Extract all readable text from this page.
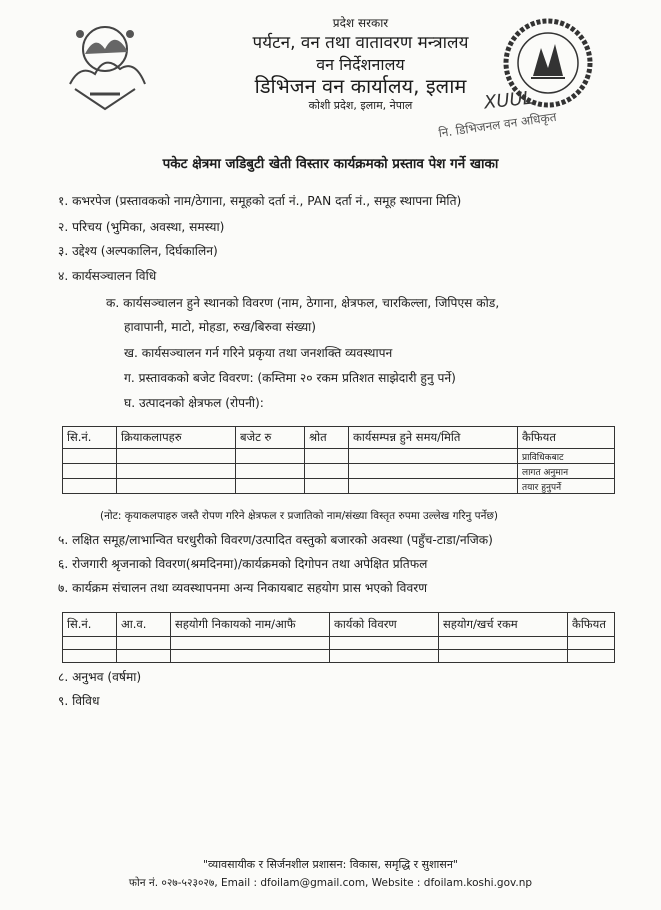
प्रदेश सरकार
पर्यटन, वन तथा वातावरण मन्त्रालय
वन निर्देशनालय
डिभिजन वन कार्यालय, इलाम
कोशी प्रदेश, इलाम, नेपाल	XUUL
नि. डिभिजनल वन अधिकृत
पकेट क्षेत्रमा जडिबुटी खेती विस्तार कार्यक्रमको प्रस्ताव पेश गर्ने खाका
१. कभरपेज (प्रस्तावकको नाम/ठेगाना, समूहको दर्ता नं., PAN दर्ता नं., समूह स्थापना मिति)
२. परिचय (भुमिका, अवस्था, समस्या)
३. उद्देश्य (अल्पकालिन, दिर्घकालिन)
४. कार्यसञ्चालन विधि
क. कार्यसञ्चालन हुने स्थानको विवरण (नाम, ठेगाना, क्षेत्रफल, चारकिल्ला, जिपिएस कोड,
हावापानी, माटो, मोहडा, रुख/बिरुवा संख्या)
ख. कार्यसञ्चालन गर्न गरिने प्रकृया तथा जनशक्ति व्यवस्थापन
ग. प्रस्तावकको बजेट विवरण: (कम्तिमा २० रकम प्रतिशत साझेदारी हुनु पर्ने)
घ. उत्पादनको क्षेत्रफल (रोपनी):
सि.नं.	क्रियाकलापहरु	बजेट रु	श्रोत	कार्यसम्पन्न हुने समय/मिति	कैफियत
					प्राविधिकबाट
					लागत अनुमान
					तयार हुनुपर्ने
(नोट: कृयाकलपाहरु जस्तै रोपण गरिने क्षेत्रफल र प्रजातिको नाम/संख्या विस्तृत रुपमा उल्लेख गरिनु पर्नेछ)
५. लक्षित समूह/लाभान्वित घरधुरीको विवरण/उत्पादित वस्तुको बजारको अवस्था (पहुँच-टाडा/नजिक)
६. रोजगारी श्रृजनाको विवरण(श्रमदिनमा)/कार्यक्रमको दिगोपन तथा अपेक्षित प्रतिफल
७. कार्यक्रम संचालन तथा व्यवस्थापनमा अन्य निकायबाट सहयोग प्रास भएको विवरण
सि.नं.	आ.व.	सहयोगी निकायको नाम/आफै	कार्यको विवरण	सहयोग/खर्च रकम	कैफियत

८. अनुभव (वर्षमा)
९. विविध
"व्यावसायीक र सिर्जनशील प्रशासन: विकास, समृद्धि र सुशासन"
फोन नं. ०२७-५२३०२७, Email : dfoilam@gmail.com, Website : dfoilam.koshi.gov.np
